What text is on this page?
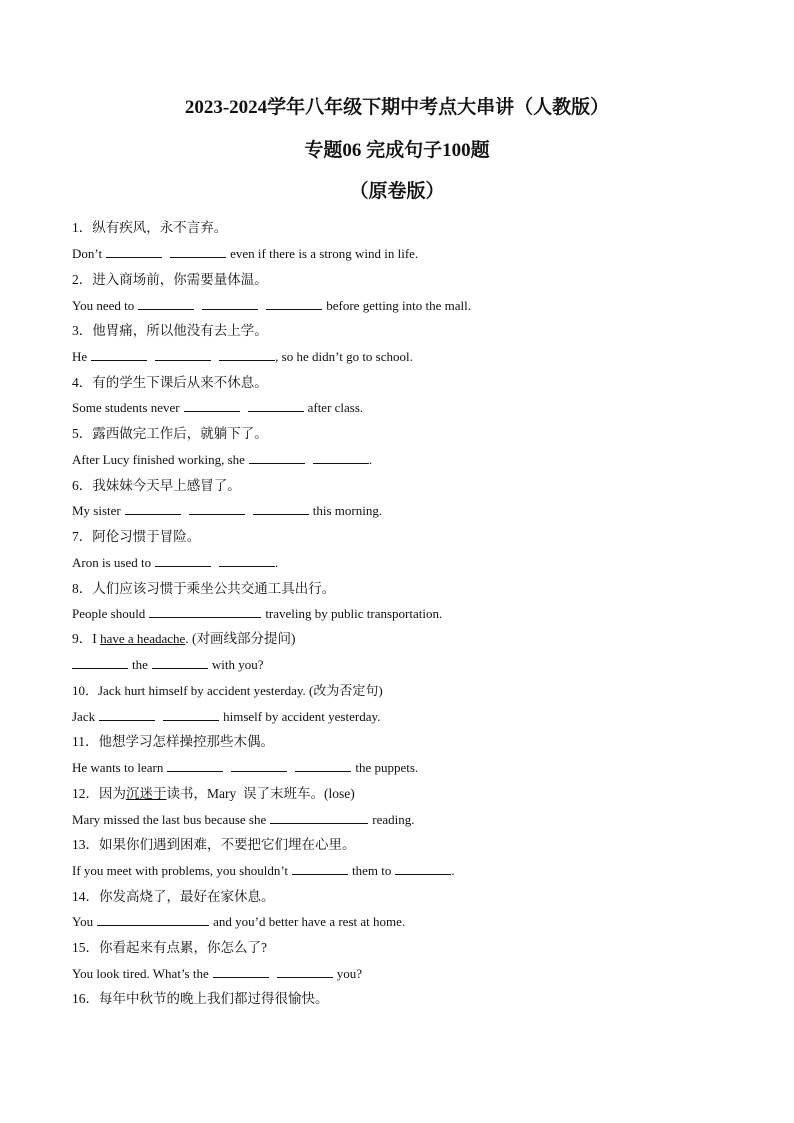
2023-2024学年八年级下期中考点大串讲（人教版）
专题06 完成句子100题
（原卷版）
1．纵有疾风，永不言弃。
Don’t	even if there is a strong wind in life.
2．进入商场前，你需要量体温。
You need to	before getting into the mall.
3．他胃痛，所以他没有去上学。
He	, so he didn’t go to school.
4．有的学生下课后从来不休息。
Some students never	after class.
5．露西做完工作后，就躺下了。
After Lucy finished working, she	.
6．我妹妹今天早上感冒了。
My sister	this morning.
7．阿伦习惯于冒险。
Aron is used to	.
8．人们应该习惯于乘坐公共交通工具出行。
People should	traveling by public transportation.
9．I have a headache. (对画线部分提问)
the	with you?
10．Jack hurt himself by accident yesterday. (改为否定句)
Jack	himself by accident yesterday.
11．他想学习怎样操控那些木偶。
He wants to learn	the puppets.
12．因为沉迷于读书，Mary  误了末班车。(lose)
Mary missed the last bus because she	reading.
13．如果你们遇到困难，不要把它们埋在心里。
If you meet with problems, you shouldn’t	them to	.
14．你发高烧了，最好在家休息。
You	and you’d better have a rest at home.
15．你看起来有点累，你怎么了?
You look tired. What’s the	you?
16．每年中秋节的晚上我们都过得很愉快。
